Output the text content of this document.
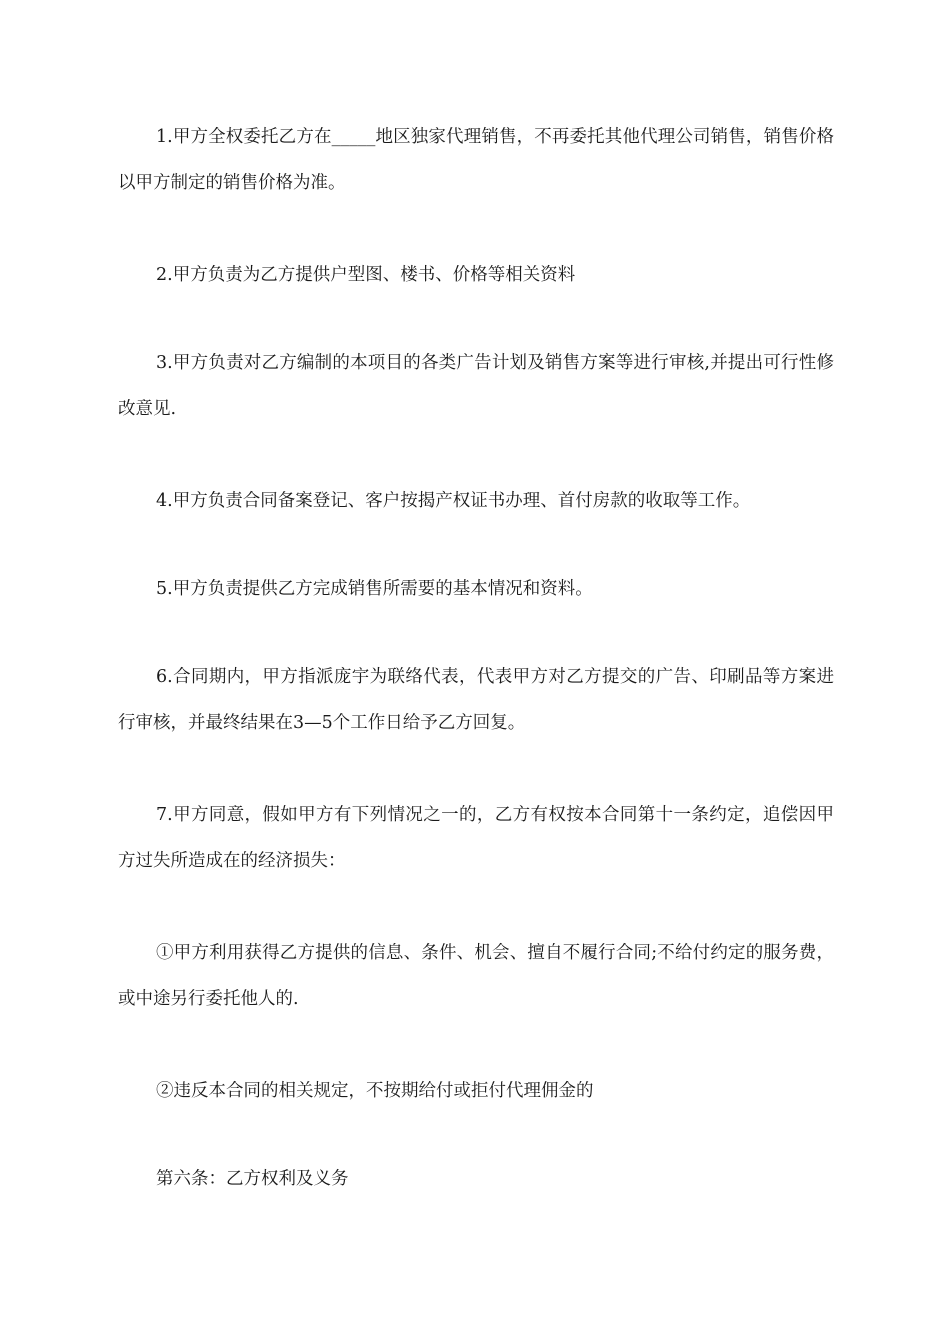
1.甲方全权委托乙方在_____地区独家代理销售，不再委托其他代理公司销售，销售价格以甲方制定的销售价格为准。

2.甲方负责为乙方提供户型图、楼书、价格等相关资料

3.甲方负责对乙方编制的本项目的各类广告计划及销售方案等进行审核,并提出可行性修改意见.

4.甲方负责合同备案登记、客户按揭产权证书办理、首付房款的收取等工作。

5.甲方负责提供乙方完成销售所需要的基本情况和资料。

6.合同期内，甲方指派庞宇为联络代表，代表甲方对乙方提交的广告、印刷品等方案进行审核，并最终结果在3—5个工作日给予乙方回复。

7.甲方同意，假如甲方有下列情况之一的，乙方有权按本合同第十一条约定，追偿因甲方过失所造成在的经济损失：

①甲方利用获得乙方提供的信息、条件、机会、擅自不履行合同;不给付约定的服务费，或中途另行委托他人的.

②违反本合同的相关规定，不按期给付或拒付代理佣金的

第六条：乙方权利及义务
